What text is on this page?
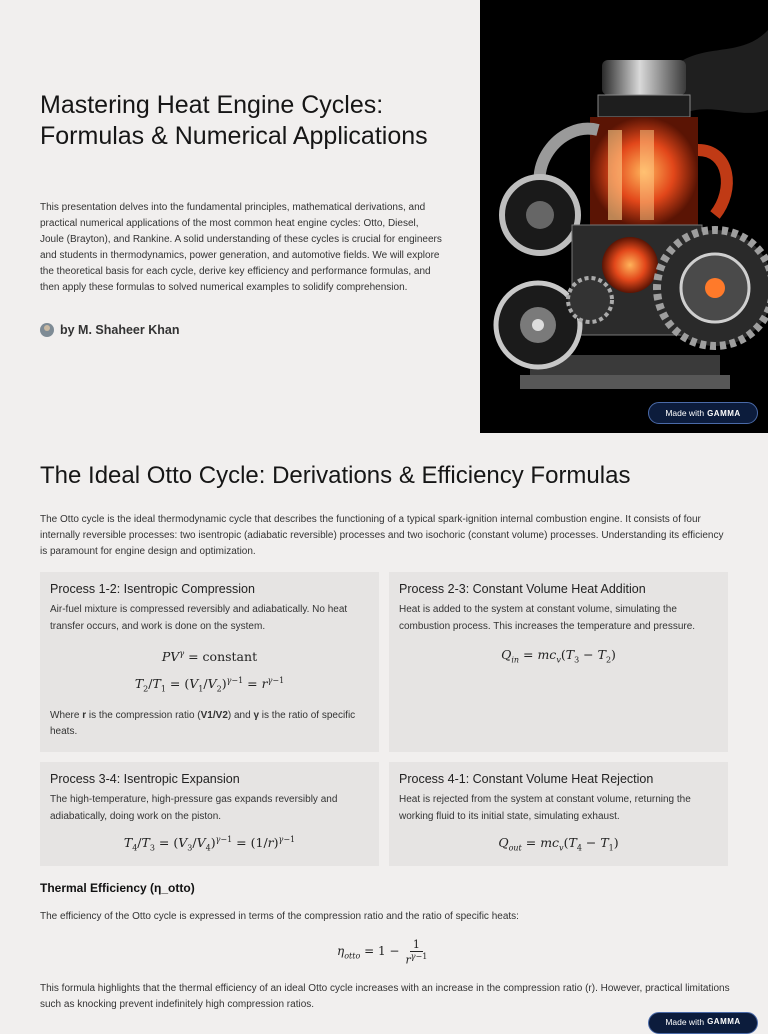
Mastering Heat Engine Cycles: Formulas & Numerical Applications

This presentation delves into the fundamental principles, mathematical derivations, and practical numerical applications of the most common heat engine cycles: Otto, Diesel, Joule (Brayton), and Rankine. A solid understanding of these cycles is crucial for engineers and students in thermodynamics, power generation, and automotive fields. We will explore the theoretical basis for each cycle, derive key efficiency and performance formulas, and then apply these formulas to solved numerical examples to solidify comprehension.

by M. Shaheer Khan
Made with GAMMA
The Ideal Otto Cycle: Derivations & Efficiency Formulas

The Otto cycle is the ideal thermodynamic cycle that describes the functioning of a typical spark-ignition internal combustion engine. It consists of four internally reversible processes: two isentropic (adiabatic reversible) processes and two isochoric (constant volume) processes. Understanding its efficiency is paramount for engine design and optimization.

Process 1-2: Isentropic Compression

Air-fuel mixture is compressed reversibly and adiabatically. No heat transfer occurs, and work is done on the system.

$PV^\gamma$ = constant
$T_2/T_1 = (V_1/V_2)^{\gamma-1} = r^{\gamma-1}$

Where r is the compression ratio (V1/V2) and γ is the ratio of specific heats.

Process 2-3: Constant Volume Heat Addition

Heat is added to the system at constant volume, simulating the combustion process. This increases the temperature and pressure.

$Q_{in} = mc_v(T_3 - T_2)$
Process 3-4: Isentropic Expansion

The high-temperature, high-pressure gas expands reversibly and adiabatically, doing work on the piston.

$T_4/T_3 = (V_3/V_4)^{\gamma-1} = (1/r)^{\gamma-1}$
Process 4-1: Constant Volume Heat Rejection

Heat is rejected from the system at constant volume, returning the working fluid to its initial state, simulating exhaust.

$Q_{out} = mc_v(T_4 - T_1)$
Thermal Efficiency (η_otto)

The efficiency of the Otto cycle is expressed in terms of the compression ratio and the ratio of specific heats:

$\eta_{otto} = 1 - \frac{1}{r^{\gamma-1}}$

This formula highlights that the thermal efficiency of an ideal Otto cycle increases with an increase in the compression ratio (r). However, practical limitations such as knocking prevent indefinitely high compression ratios.

Made with GAMMA
